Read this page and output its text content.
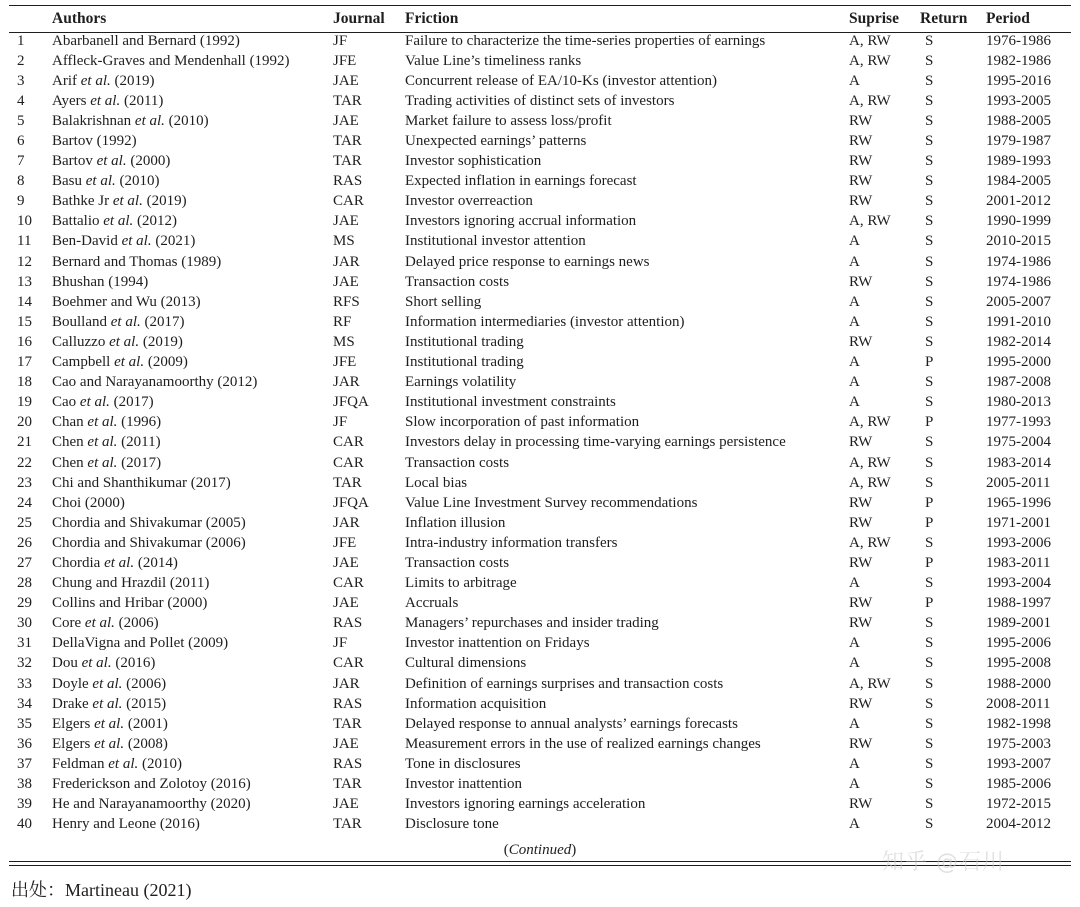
	Authors	Journal	Friction	Suprise	Return	Period
1	Abarbanell and Bernard (1992)	JF	Failure to characterize the time-series properties of earnings	A, RW	S	1976-1986
2	Affleck-Graves and Mendenhall (1992)	JFE	Value Line’s timeliness ranks	A, RW	S	1982-1986
3	Arif et al. (2019)	JAE	Concurrent release of EA/10-Ks (investor attention)	A	S	1995-2016
4	Ayers et al. (2011)	TAR	Trading activities of distinct sets of investors	A, RW	S	1993-2005
5	Balakrishnan et al. (2010)	JAE	Market failure to assess loss/profit	RW	S	1988-2005
6	Bartov (1992)	TAR	Unexpected earnings’ patterns	RW	S	1979-1987
7	Bartov et al. (2000)	TAR	Investor sophistication	RW	S	1989-1993
8	Basu et al. (2010)	RAS	Expected inflation in earnings forecast	RW	S	1984-2005
9	Bathke Jr et al. (2019)	CAR	Investor overreaction	RW	S	2001-2012
10	Battalio et al. (2012)	JAE	Investors ignoring accrual information	A, RW	S	1990-1999
11	Ben-David et al. (2021)	MS	Institutional investor attention	A	S	2010-2015
12	Bernard and Thomas (1989)	JAR	Delayed price response to earnings news	A	S	1974-1986
13	Bhushan (1994)	JAE	Transaction costs	RW	S	1974-1986
14	Boehmer and Wu (2013)	RFS	Short selling	A	S	2005-2007
15	Boulland et al. (2017)	RF	Information intermediaries (investor attention)	A	S	1991-2010
16	Calluzzo et al. (2019)	MS	Institutional trading	RW	S	1982-2014
17	Campbell et al. (2009)	JFE	Institutional trading	A	P	1995-2000
18	Cao and Narayanamoorthy (2012)	JAR	Earnings volatility	A	S	1987-2008
19	Cao et al. (2017)	JFQA	Institutional investment constraints	A	S	1980-2013
20	Chan et al. (1996)	JF	Slow incorporation of past information	A, RW	P	1977-1993
21	Chen et al. (2011)	CAR	Investors delay in processing time-varying earnings persistence	RW	S	1975-2004
22	Chen et al. (2017)	CAR	Transaction costs	A, RW	S	1983-2014
23	Chi and Shanthikumar (2017)	TAR	Local bias	A, RW	S	2005-2011
24	Choi (2000)	JFQA	Value Line Investment Survey recommendations	RW	P	1965-1996
25	Chordia and Shivakumar (2005)	JAR	Inflation illusion	RW	P	1971-2001
26	Chordia and Shivakumar (2006)	JFE	Intra-industry information transfers	A, RW	S	1993-2006
27	Chordia et al. (2014)	JAE	Transaction costs	RW	P	1983-2011
28	Chung and Hrazdil (2011)	CAR	Limits to arbitrage	A	S	1993-2004
29	Collins and Hribar (2000)	JAE	Accruals	RW	P	1988-1997
30	Core et al. (2006)	RAS	Managers’ repurchases and insider trading	RW	S	1989-2001
31	DellaVigna and Pollet (2009)	JF	Investor inattention on Fridays	A	S	1995-2006
32	Dou et al. (2016)	CAR	Cultural dimensions	A	S	1995-2008
33	Doyle et al. (2006)	JAR	Definition of earnings surprises and transaction costs	A, RW	S	1988-2000
34	Drake et al. (2015)	RAS	Information acquisition	RW	S	2008-2011
35	Elgers et al. (2001)	TAR	Delayed response to annual analysts’ earnings forecasts	A	S	1982-1998
36	Elgers et al. (2008)	JAE	Measurement errors in the use of realized earnings changes	RW	S	1975-2003
37	Feldman et al. (2010)	RAS	Tone in disclosures	A	S	1993-2007
38	Frederickson and Zolotoy (2016)	TAR	Investor inattention	A	S	1985-2006
39	He and Narayanamoorthy (2020)	JAE	Investors ignoring earnings acceleration	RW	S	1972-2015
40	Henry and Leone (2016)	TAR	Disclosure tone	A	S	2004-2012
(Continued)
出处：Martineau (2021)
知乎 @石川
